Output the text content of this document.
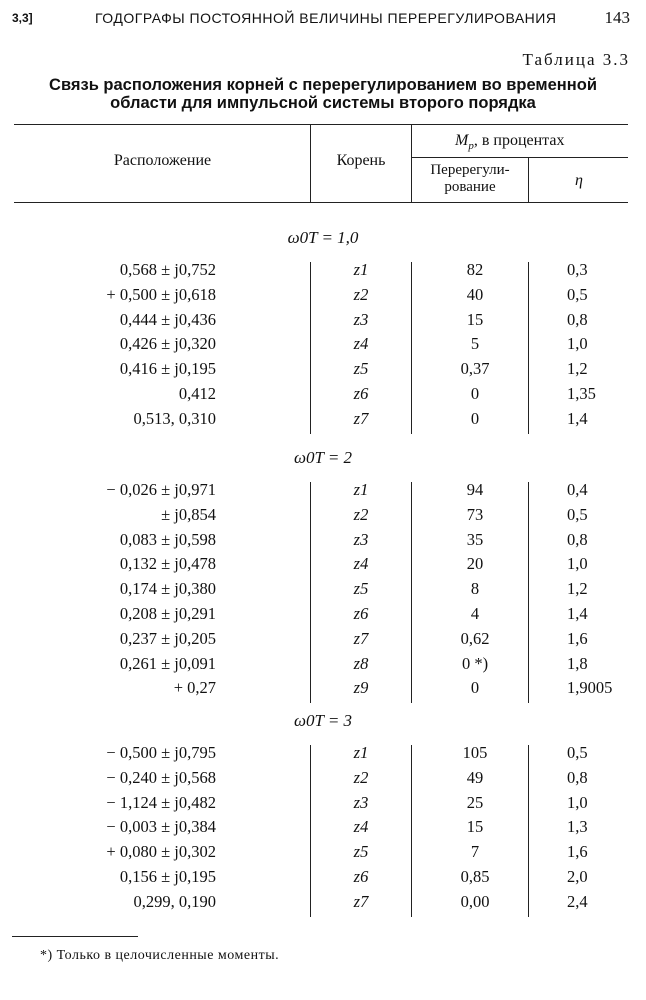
3,3]	ГОДОГРАФЫ ПОСТОЯННОЙ ВЕЛИЧИНЫ ПЕРЕРЕГУЛИРОВАНИЯ	143
Таблица 3.3
Связь расположения корней с перерегулированием во временной
области для импульсной системы второго порядка
Расположение	Корень
$M_p$, в процентах
Перерегули-
рование	η
ω0T = 1,0
0,568 ± j0,752	z1	82	0,3
+ 0,500 ± j0,618	z2	40	0,5
0,444 ± j0,436	z3	15	0,8
0,426 ± j0,320	z4	5	1,0
0,416 ± j0,195	z5	0,37	1,2
0,412	z6	0	1,35
0,513, 0,310	z7	0	1,4
ω0T = 2
− 0,026 ± j0,971	z1	94	0,4
± j0,854	z2	73	0,5
0,083 ± j0,598	z3	35	0,8
0,132 ± j0,478	z4	20	1,0
0,174 ± j0,380	z5	8	1,2
0,208 ± j0,291	z6	4	1,4
0,237 ± j0,205	z7	0,62	1,6
0,261 ± j0,091	z8	0 *)	1,8
+ 0,27	z9	0	1,9005
ω0T = 3
− 0,500 ± j0,795	z1	105	0,5
− 0,240 ± j0,568	z2	49	0,8
− 1,124 ± j0,482	z3	25	1,0
− 0,003 ± j0,384	z4	15	1,3
+ 0,080 ± j0,302	z5	7	1,6
0,156 ± j0,195	z6	0,85	2,0
0,299, 0,190	z7	0,00	2,4
*) Только в целочисленные моменты.
